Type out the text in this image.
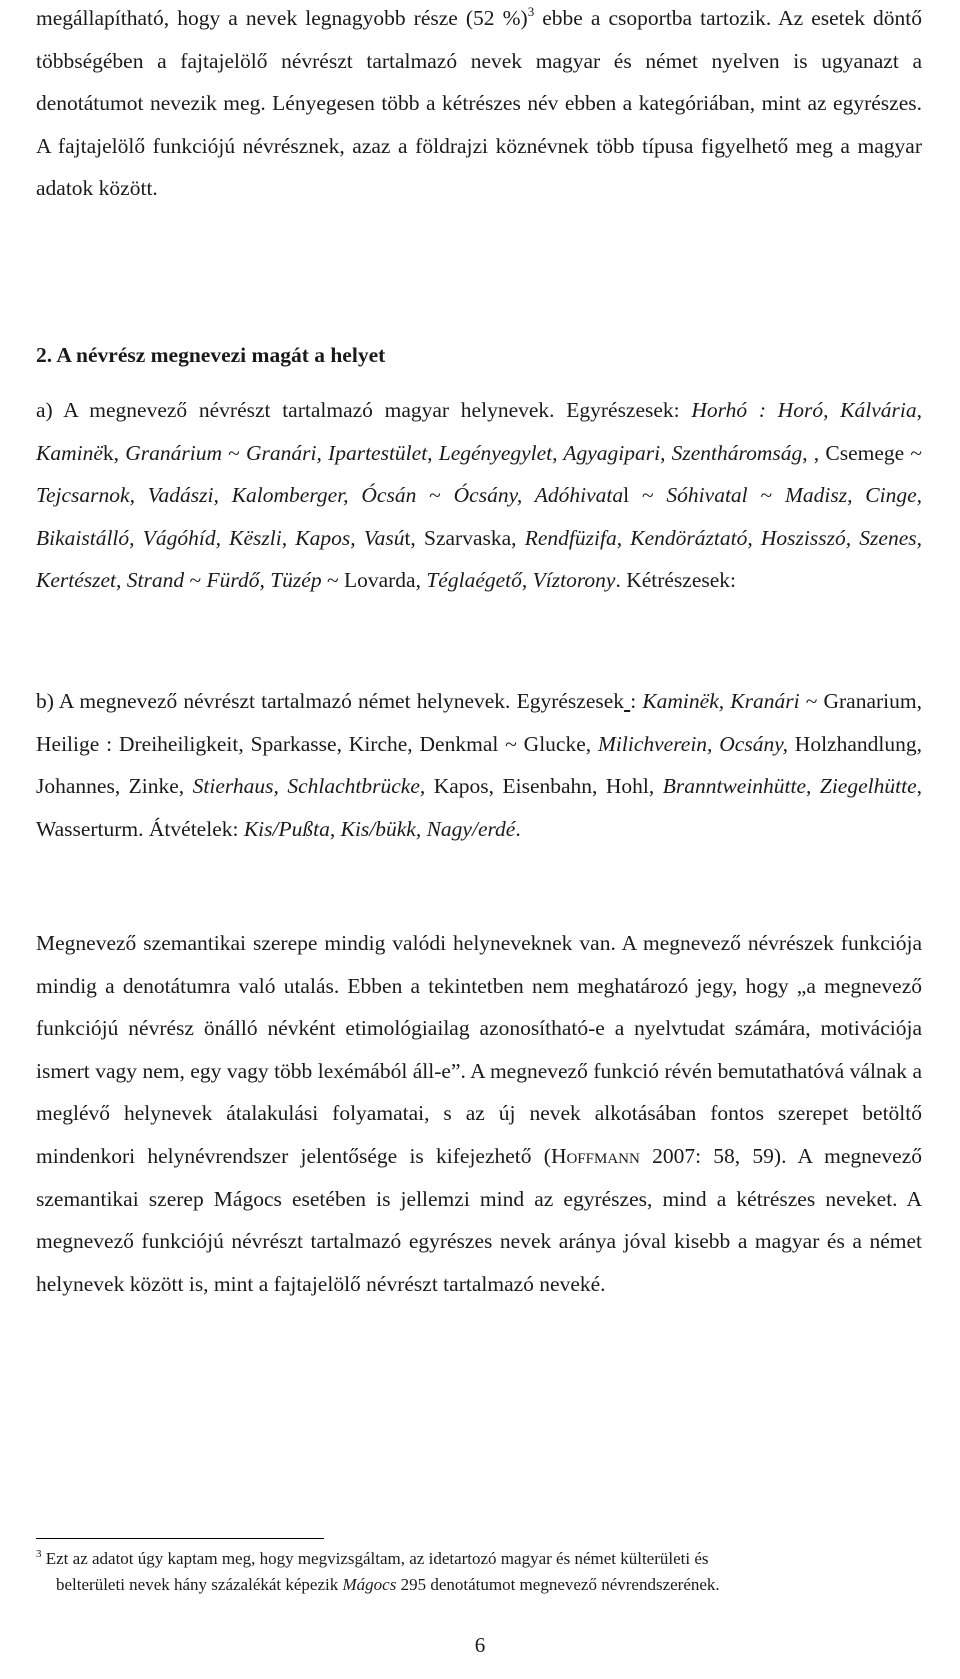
megállapítható, hogy a nevek legnagyobb része (52 %)$^3$ ebbe a csoportba tartozik. Az esetek döntő többségében a fajtajelölő névrészt tartalmazó nevek magyar és német nyelven is ugyanazt a denotátumot nevezik meg. Lényegesen több a kétrészes név ebben a kategóriában, mint az egyrészes. A fajtajelölő funkciójú névrésznek, azaz a földrajzi köznévnek több típusa figyelhető meg a magyar adatok között.

2. A névrész megnevezi magát a helyet

a) A megnevező névrészt tartalmazó magyar helynevek. Egyrészesek: Horhó : Horó, Kálvária, Kaminëk, Granárium ~ Granári, Ipartestület, Legényegylet, Agyagipari, Szentháromság, , Csemege ~ Tejcsarnok, Vadászi, Kalomberger, Ócsán ~ Ócsány, Adóhivatal ~ Sóhivatal ~ Madisz, Cinge, Bikaistálló, Vágóhíd, Këszli, Kapos, Vasút, Szarvaska, Rendfüzifa, Kendöráztató, Hoszisszó, Szenes, Kertészet, Strand ~ Fürdő, Tüzép ~ Lovarda, Téglaégető, Víztorony. Kétrészesek:

b) A megnevező névrészt tartalmazó német helynevek. Egyrészesek : Kaminëk, Kranári ~ Granarium, Heilige : Dreiheiligkeit, Sparkasse, Kirche, Denkmal ~ Glucke, Milichverein, Ocsány, Holzhandlung, Johannes, Zinke, Stierhaus, Schlachtbrücke, Kapos, Eisenbahn, Hohl, Branntweinhütte, Ziegelhütte, Wasserturm. Átvételek: Kis/Pußta, Kis/bükk, Nagy/erdé.

Megnevező szemantikai szerepe mindig valódi helyneveknek van. A megnevező névrészek funkciója mindig a denotátumra való utalás. Ebben a tekintetben nem meghatározó jegy, hogy „a megnevező funkciójú névrész önálló névként etimológiailag azonosítható-e a nyelvtudat számára, motivációja ismert vagy nem, egy vagy több lexémából áll-e”. A megnevező funkció révén bemutathatóvá válnak a meglévő helynevek átalakulási folyamatai, s az új nevek alkotásában fontos szerepet betöltő mindenkori helynévrendszer jelentősége is kifejezhető (Hoffmann 2007: 58, 59). A megnevező szemantikai szerep Mágocs esetében is jellemzi mind az egyrészes, mind a kétrészes neveket. A megnevező funkciójú névrészt tartalmazó egyrészes nevek aránya jóval kisebb a magyar és a német helynevek között is, mint a fajtajelölő névrészt tartalmazó neveké.

$^3$ Ezt az adatot úgy kaptam meg, hogy megvizsgáltam, az idetartozó magyar és német külterületi és
belterületi nevek hány százalékát képezik Mágocs 295 denotátumot megnevező névrendszerének.

6
